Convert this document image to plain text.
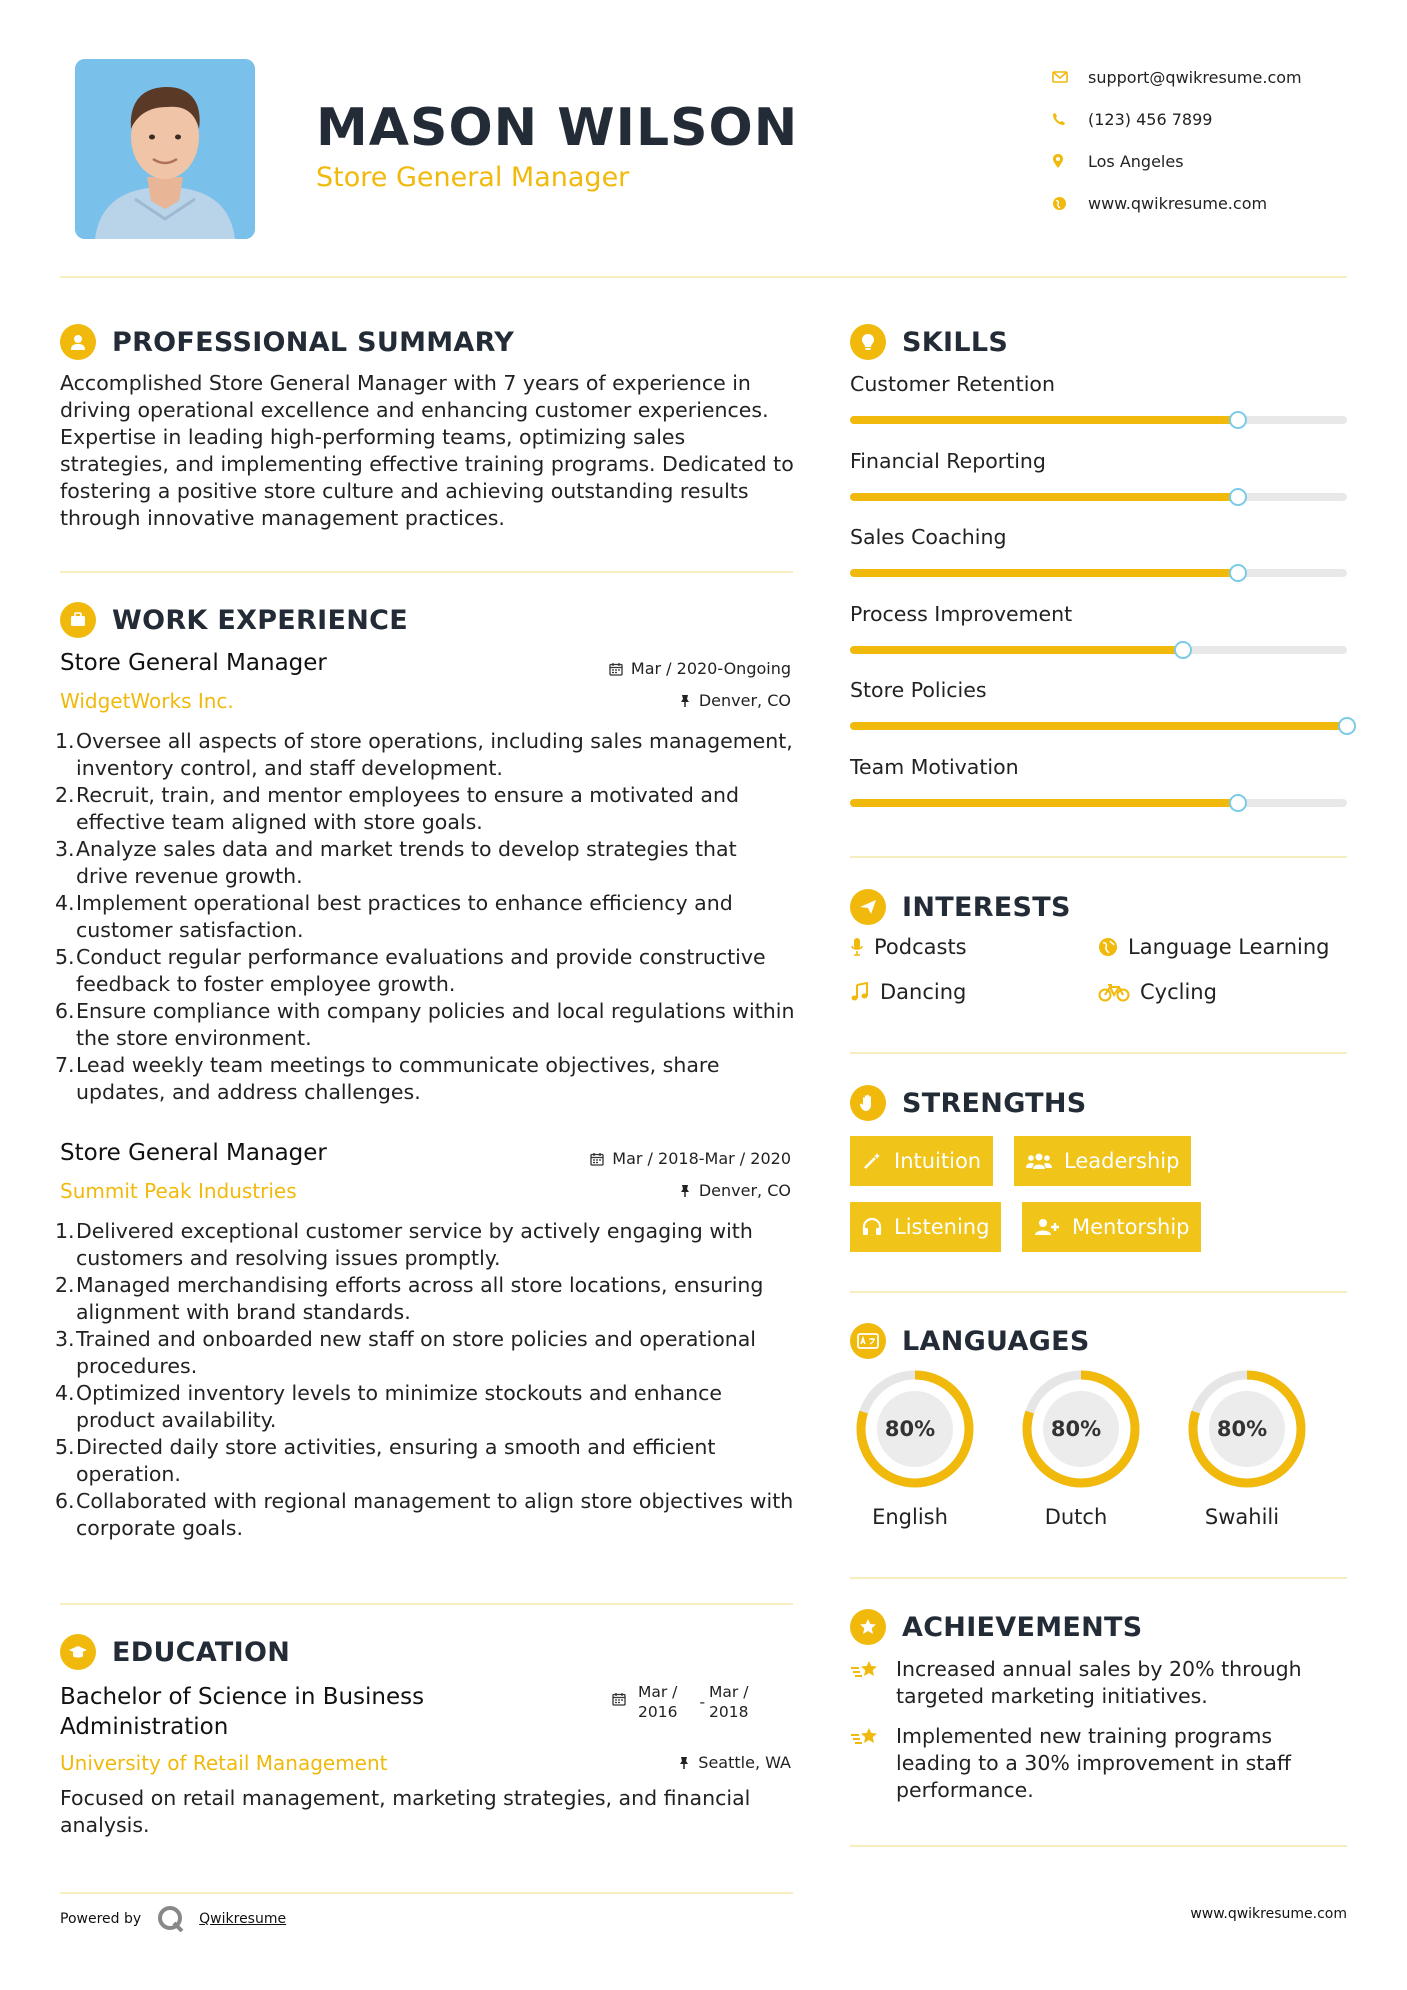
MASON WILSON
Store General Manager
support@qwikresume.com
(123) 456 7899
Los Angeles
www.qwikresume.com
PROFESSIONAL SUMMARY
Accomplished Store General Manager with 7 years of experience in driving operational excellence and enhancing customer experiences. Expertise in leading high-performing teams, optimizing sales strategies, and implementing effective training programs. Dedicated to fostering a positive store culture and achieving outstanding results through innovative management practices.
WORK EXPERIENCE
Store General Manager
WidgetWorks Inc.
Mar / 2020-Ongoing
Denver, CO
Oversee all aspects of store operations, including sales management, inventory control, and staff development.
Recruit, train, and mentor employees to ensure a motivated and effective team aligned with store goals.
Analyze sales data and market trends to develop strategies that drive revenue growth.
Implement operational best practices to enhance efficiency and customer satisfaction.
Conduct regular performance evaluations and provide constructive feedback to foster employee growth.
Ensure compliance with company policies and local regulations within the store environment.
Lead weekly team meetings to communicate objectives, share updates, and address challenges.
Store General Manager
Summit Peak Industries
Mar / 2018-Mar / 2020
Denver, CO
Delivered exceptional customer service by actively engaging with customers and resolving issues promptly.
Managed merchandising efforts across all store locations, ensuring alignment with brand standards.
Trained and onboarded new staff on store policies and operational procedures.
Optimized inventory levels to minimize stockouts and enhance product availability.
Directed daily store activities, ensuring a smooth and efficient operation.
Collaborated with regional management to align store objectives with corporate goals.
EDUCATION
Bachelor of Science in Business
Administration
University of Retail Management
Mar /
2016
-
Mar /
2018
Seattle, WA
Focused on retail management, marketing strategies, and financial analysis.
SKILLS
Customer Retention
Financial Reporting
Sales Coaching
Process Improvement
Store Policies
Team Motivation
INTERESTS
Podcasts	Language Learning
Dancing	Cycling
STRENGTHS
Intuition	Leadership
Listening	Mentorship
LANGUAGES
80%
English
80%
Dutch
80%
Swahili
ACHIEVEMENTS
Increased annual sales by 20% through targeted marketing initiatives.
Implemented new training programs leading to a 30% improvement in staff performance.
Powered by	Qwikresume	www.qwikresume.com
